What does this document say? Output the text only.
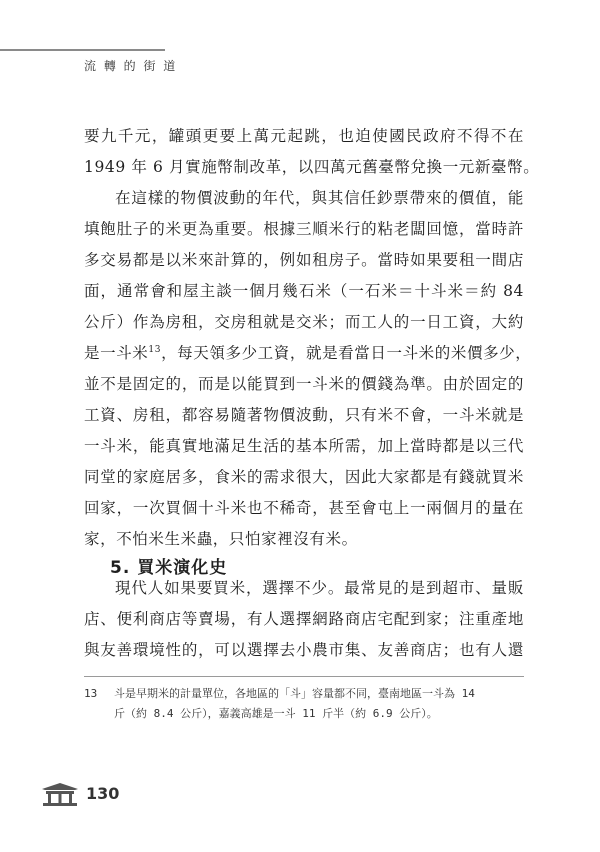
流 轉 的 街 道
要九千元，罐頭更要上萬元起跳，也迫使國民政府不得不在
1949 年 6 月實施幣制改革，以四萬元舊臺幣兌換一元新臺幣。
在這樣的物價波動的年代，與其信任鈔票帶來的價值，能
填飽肚子的米更為重要。根據三順米行的粘老闆回憶，當時許
多交易都是以米來計算的，例如租房子。當時如果要租一間店
面，通常會和屋主談一個月幾石米（一石米＝十斗米＝約 84
公斤）作為房租，交房租就是交米；而工人的一日工資，大約
是一斗米$^{13}$，每天領多少工資，就是看當日一斗米的米價多少，
並不是固定的，而是以能買到一斗米的價錢為準。由於固定的
工資、房租，都容易隨著物價波動，只有米不會，一斗米就是
一斗米，能真實地滿足生活的基本所需，加上當時都是以三代
同堂的家庭居多，食米的需求很大，因此大家都是有錢就買米
回家，一次買個十斗米也不稀奇，甚至會屯上一兩個月的量在
家，不怕米生米蟲，只怕家裡沒有米。
5. 買米演化史
現代人如果要買米，選擇不少。最常見的是到超市、量販
店、便利商店等賣場，有人選擇網路商店宅配到家；注重產地
與友善環境性的，可以選擇去小農市集、友善商店；也有人還
13 斗是早期米的計量單位，各地區的「斗」容量都不同，臺南地區一斗為 14
斤（約 8.4 公斤），嘉義高雄是一斗 11 斤半（約 6.9 公斤）。
130
